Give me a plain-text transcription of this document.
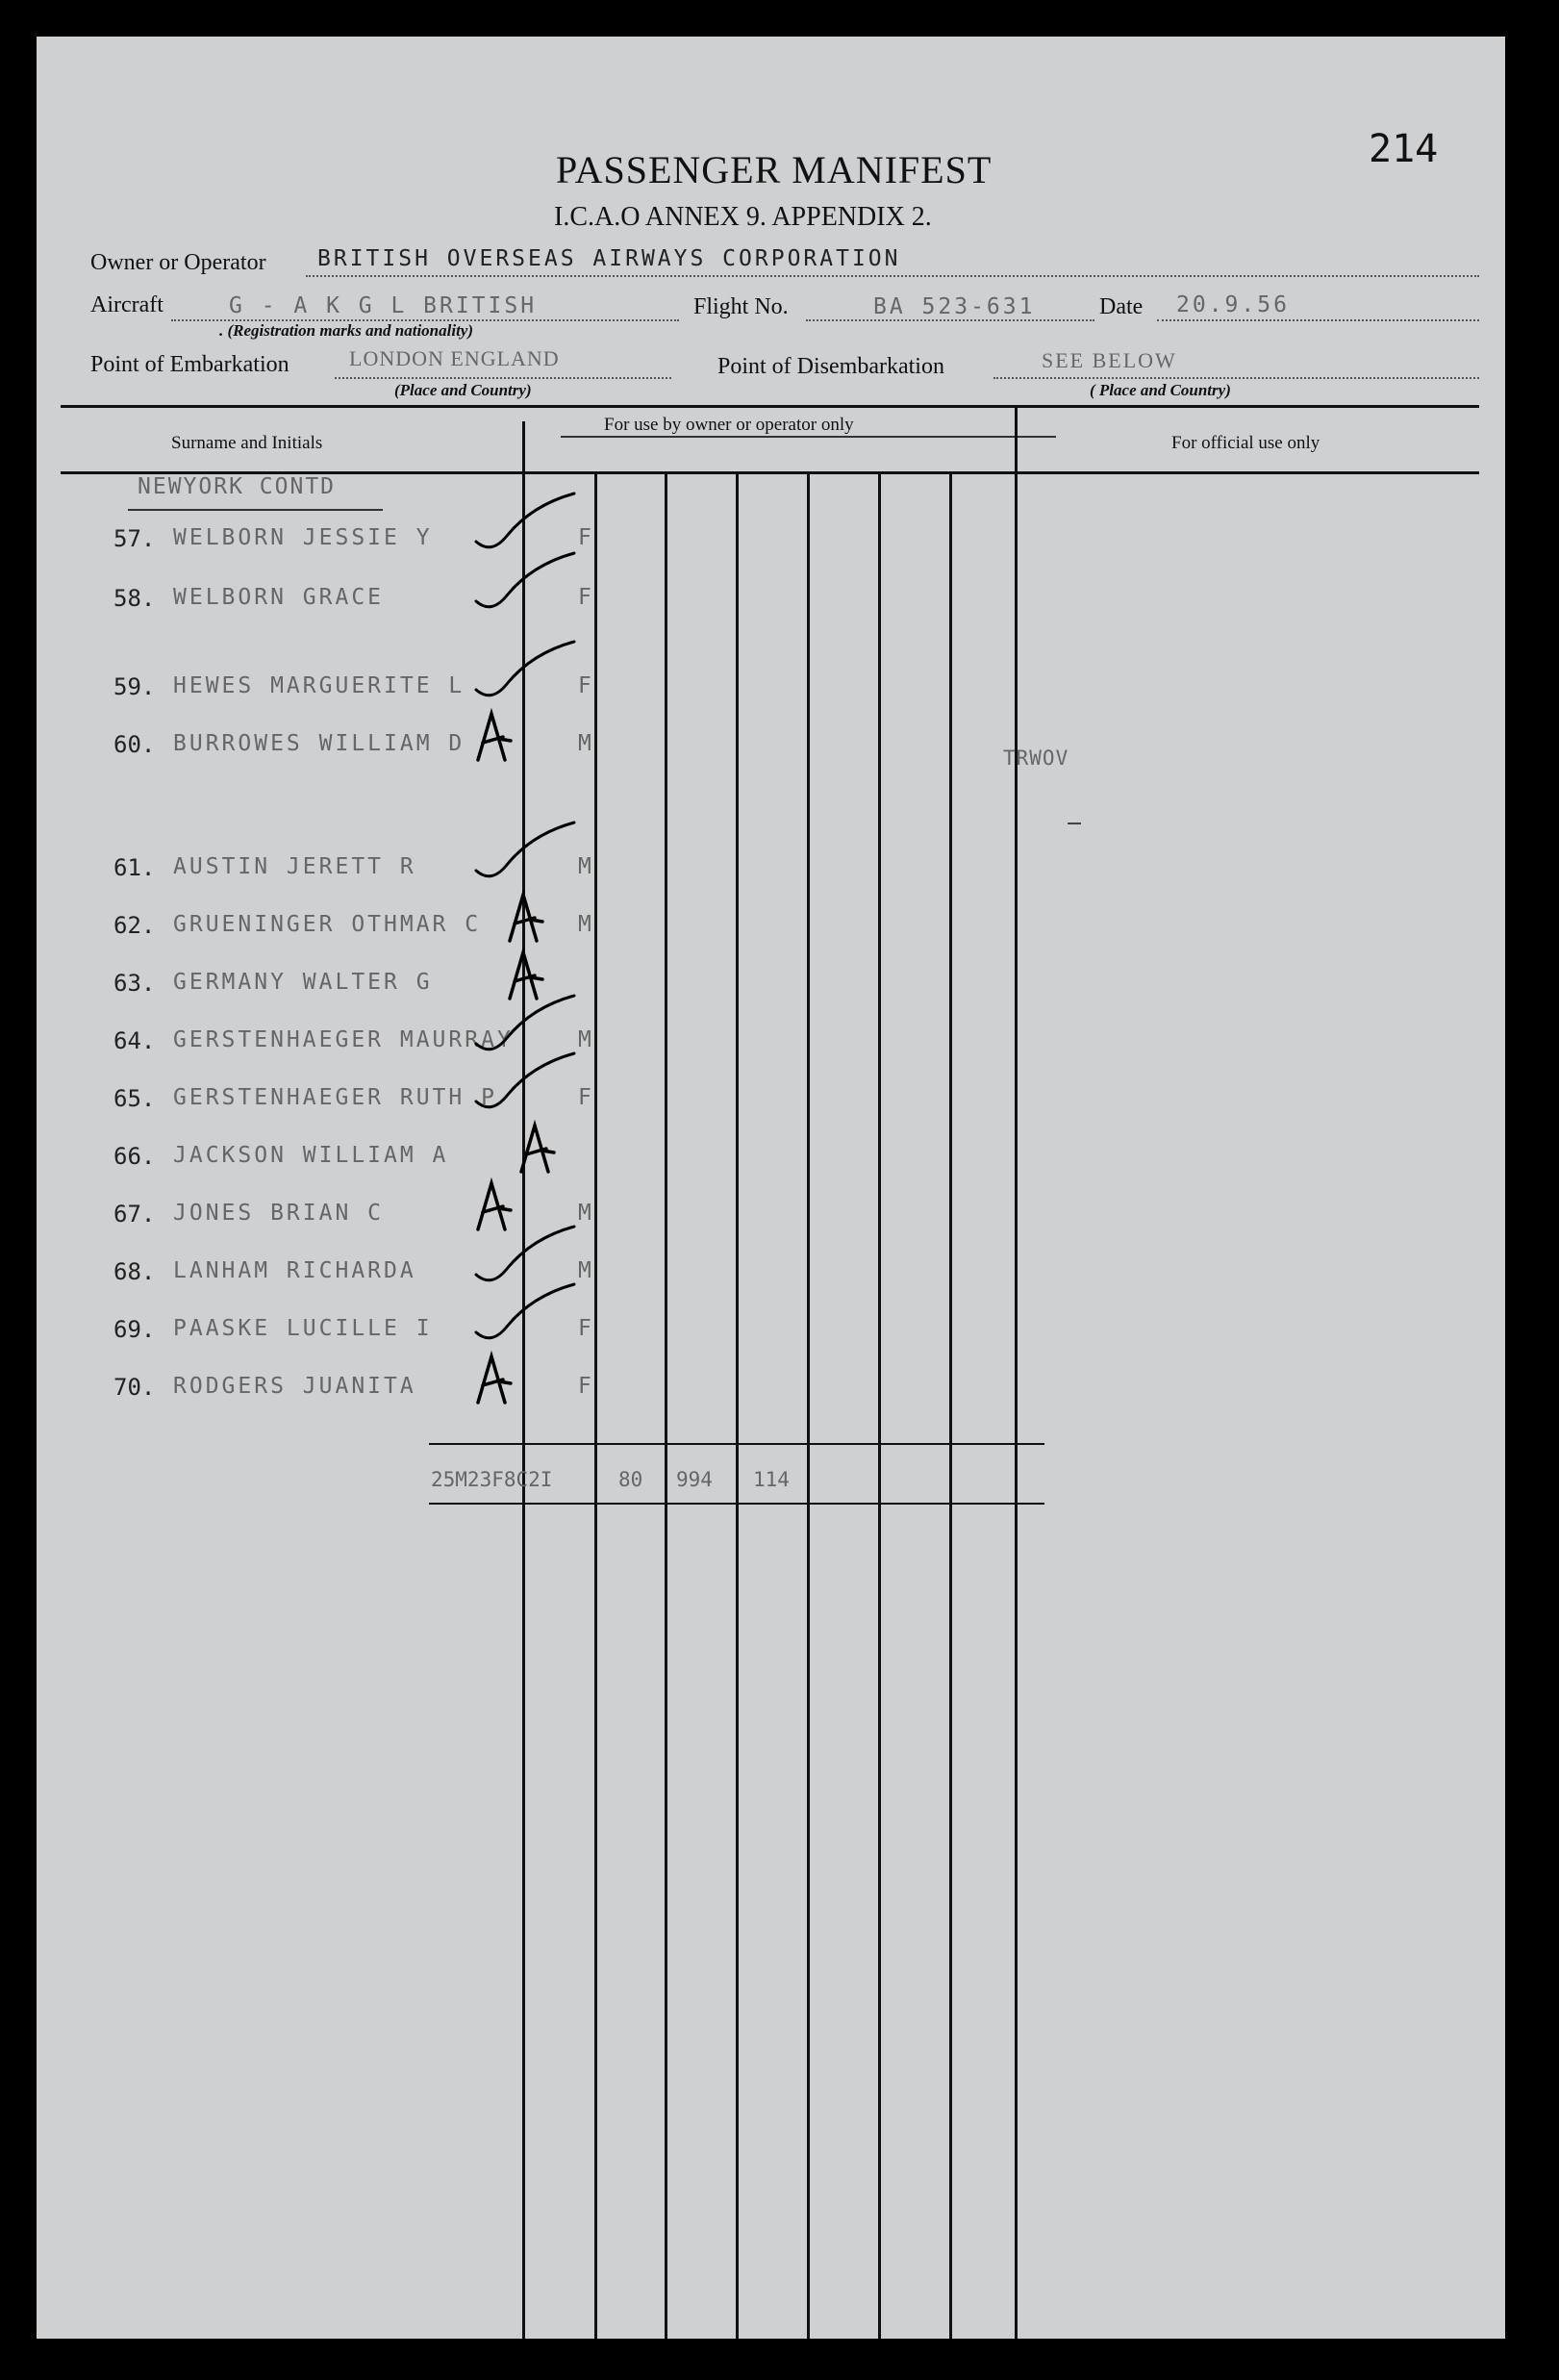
214
PASSENGER MANIFEST
I.C.A.O ANNEX 9. APPENDIX 2.
Owner or Operator BRITISH OVERSEAS AIRWAYS CORPORATION
Aircraft	G - A K G L BRITISH
. (Registration marks and nationality)
Flight No.	BA 523-631	Date 20.9.56
Point of Embarkation	LONDON ENGLAND
(Place and Country)
Point of Disembarkation	SEE BELOW
( Place and Country)
Surname and Initials
For use by owner or operator only
For official use only
NEWYORK CONTD
TRWOV
57. WELBORN JESSIE Y	F
58. WELBORN GRACE	F
59. HEWES MARGUERITE L	F
60. BURROWES WILLIAM D	M
61. AUSTIN JERETT R	M
62. GRUENINGER OTHMAR C	M
63. GERMANY WALTER G
64. GERSTENHAEGER MAURRAY	M
65. GERSTENHAEGER RUTH P	F
66. JACKSON WILLIAM A
67. JONES BRIAN C	M
68. LANHAM RICHARDA	M
69. PAASKE LUCILLE I	F
70. RODGERS JUANITA	F
25M23F8C2I	80 994 114
